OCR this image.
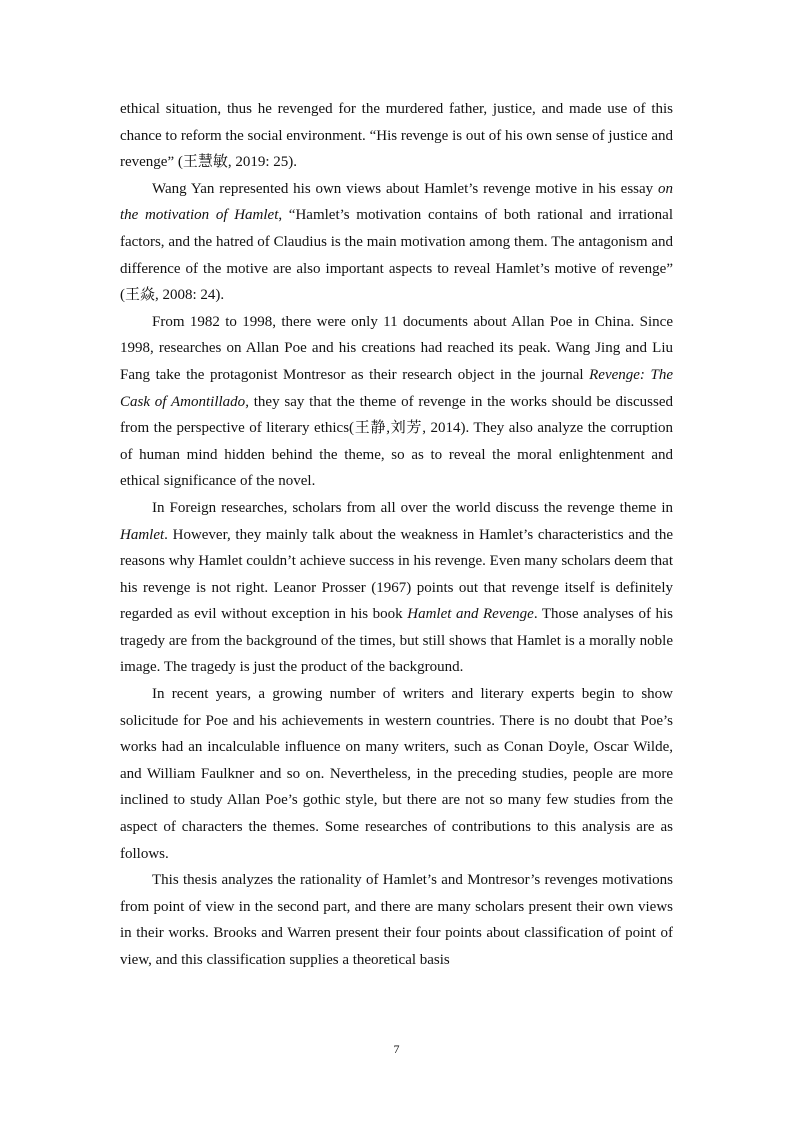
ethical situation, thus he revenged for the murdered father, justice, and made use of this chance to reform the social environment. “His revenge is out of his own sense of justice and revenge” (王慧敏, 2019: 25).

Wang Yan represented his own views about Hamlet’s revenge motive in his essay on the motivation of Hamlet, “Hamlet’s motivation contains of both rational and irrational factors, and the hatred of Claudius is the main motivation among them. The antagonism and difference of the motive are also important aspects to reveal Hamlet’s motive of revenge” (王焱, 2008: 24).

From 1982 to 1998, there were only 11 documents about Allan Poe in China. Since 1998, researches on Allan Poe and his creations had reached its peak. Wang Jing and Liu Fang take the protagonist Montresor as their research object in the journal Revenge: The Cask of Amontillado, they say that the theme of revenge in the works should be discussed from the perspective of literary ethics(王静,刘芳, 2014). They also analyze the corruption of human mind hidden behind the theme, so as to reveal the moral enlightenment and ethical significance of the novel.

In Foreign researches, scholars from all over the world discuss the revenge theme in Hamlet. However, they mainly talk about the weakness in Hamlet’s characteristics and the reasons why Hamlet couldn’t achieve success in his revenge. Even many scholars deem that his revenge is not right. Leanor Prosser (1967) points out that revenge itself is definitely regarded as evil without exception in his book Hamlet and Revenge. Those analyses of his tragedy are from the background of the times, but still shows that Hamlet is a morally noble image. The tragedy is just the product of the background.

In recent years, a growing number of writers and literary experts begin to show solicitude for Poe and his achievements in western countries. There is no doubt that Poe’s works had an incalculable influence on many writers, such as Conan Doyle, Oscar Wilde, and William Faulkner and so on. Nevertheless, in the preceding studies, people are more inclined to study Allan Poe’s gothic style, but there are not so many few studies from the aspect of characters the themes. Some researches of contributions to this analysis are as follows.

This thesis analyzes the rationality of Hamlet’s and Montresor’s revenges motivations from point of view in the second part, and there are many scholars present their own views in their works. Brooks and Warren present their four points about classification of point of view, and this classification supplies a theoretical basis

7
